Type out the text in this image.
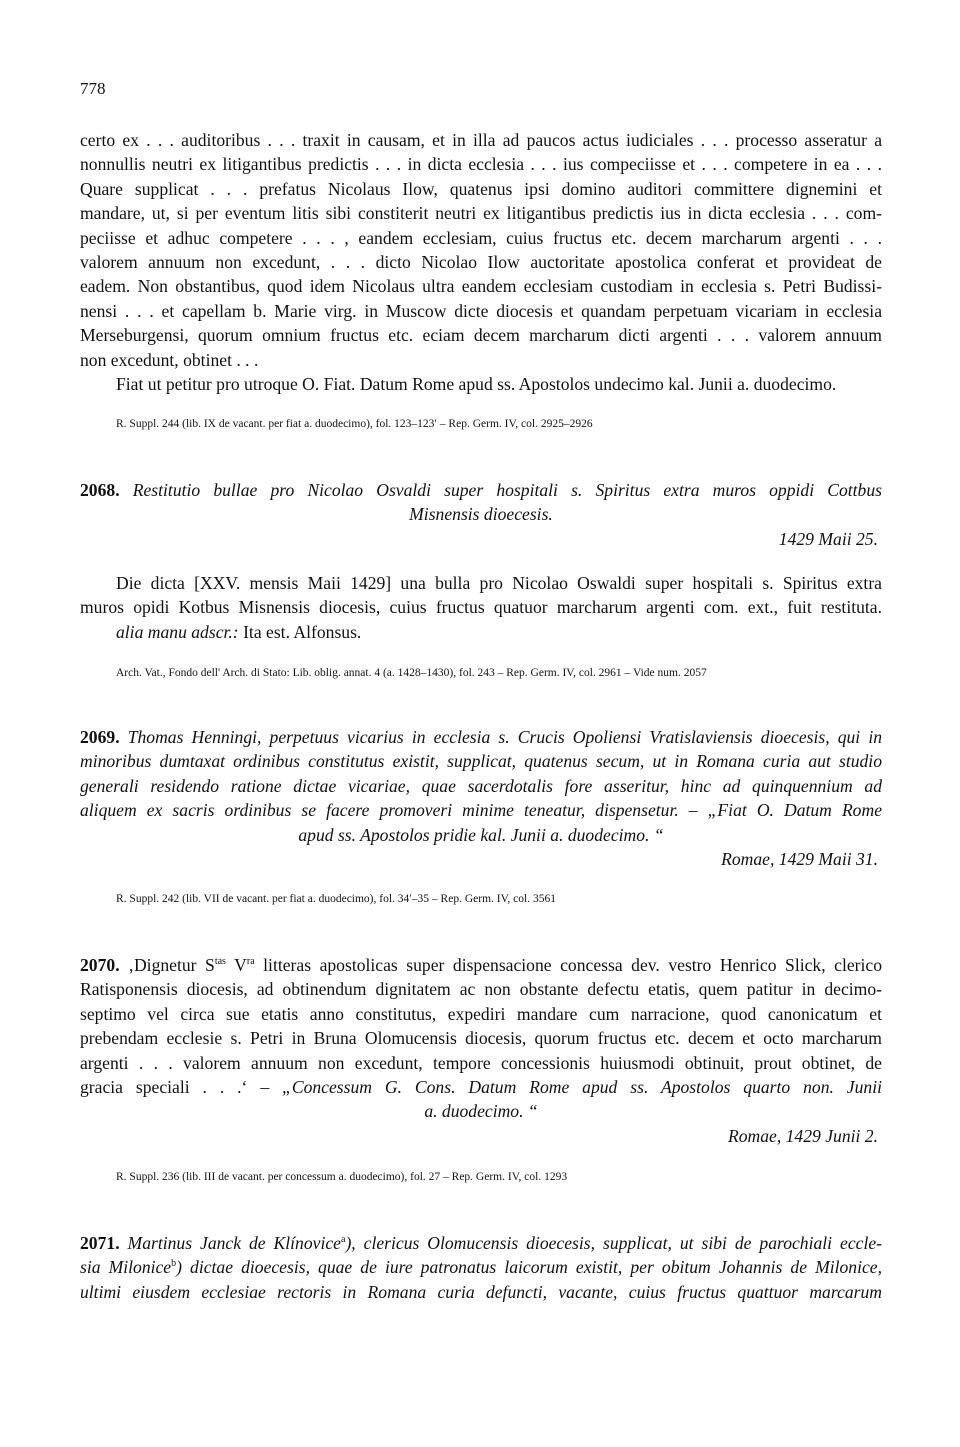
778
certo ex . . . auditoribus . . . traxit in causam, et in illa ad paucos actus iudiciales . . . processo asseratur a
nonnullis neutri ex litigantibus predictis . . . in dicta ecclesia . . . ius compeciisse et . . . competere in ea . . .
Quare supplicat . . . prefatus Nicolaus Ilow, quatenus ipsi domino auditori committere dignemini et
mandare, ut, si per eventum litis sibi constiterit neutri ex litigantibus predictis ius in dicta ecclesia . . . com-
peciisse et adhuc competere . . . , eandem ecclesiam, cuius fructus etc. decem marcharum argenti . . .
valorem annuum non excedunt, . . . dicto Nicolao Ilow auctoritate apostolica conferat et provideat de
eadem. Non obstantibus, quod idem Nicolaus ultra eandem ecclesiam custodiam in ecclesia s. Petri Budissi-
nensi . . . et capellam b. Marie virg. in Muscow dicte diocesis et quandam perpetuam vicariam in ecclesia
Merseburgensi, quorum omnium fructus etc. eciam decem marcharum dicti argenti . . . valorem annuum
non excedunt, obtinet . . .
Fiat ut petitur pro utroque O. Fiat. Datum Rome apud ss. Apostolos undecimo kal. Junii a. duodecimo.
R. Suppl. 244 (lib. IX de vacant. per fiat a. duodecimo), fol. 123–123′ – Rep. Germ. IV, col. 2925–2926
2068. Restitutio bullae pro Nicolao Osvaldi super hospitali s. Spiritus extra muros oppidi Cottbus
Misnensis dioecesis.
1429 Maii 25.
Die dicta [XXV. mensis Maii 1429] una bulla pro Nicolao Oswaldi super hospitali s. Spiritus extra
muros opidi Kotbus Misnensis diocesis, cuius fructus quatuor marcharum argenti com. ext., fuit restituta.
alia manu adscr.: Ita est. Alfonsus.
Arch. Vat., Fondo dell' Arch. di Stato: Lib. oblig. annat. 4 (a. 1428–1430), fol. 243 – Rep. Germ. IV, col. 2961 – Vide num. 2057
2069. Thomas Henningi, perpetuus vicarius in ecclesia s. Crucis Opoliensi Vratislaviensis dioecesis, qui in
minoribus dumtaxat ordinibus constitutus existit, supplicat, quatenus secum, ut in Romana curia aut studio
generali residendo ratione dictae vicariae, quae sacerdotalis fore asseritur, hinc ad quinquennium ad
aliquem ex sacris ordinibus se facere promoveri minime teneatur, dispensetur. – „Fiat O. Datum Rome
apud ss. Apostolos pridie kal. Junii a. duodecimo. “
Romae, 1429 Maii 31.
R. Suppl. 242 (lib. VII de vacant. per fiat a. duodecimo), fol. 34′–35 – Rep. Germ. IV, col. 3561
2070. ‚Dignetur $S^{tas}$ $V^{ra}$ litteras apostolicas super dispensacione concessa dev. vestro Henrico Slick, clerico
Ratisponensis diocesis, ad obtinendum dignitatem ac non obstante defectu etatis, quem patitur in decimo-
septimo vel circa sue etatis anno constitutus, expediri mandare cum narracione, quod canonicatum et
prebendam ecclesie s. Petri in Bruna Olomucensis diocesis, quorum fructus etc. decem et octo marcharum
argenti . . . valorem annuum non excedunt, tempore concessionis huiusmodi obtinuit, prout obtinet, de
gracia speciali . . .‘ – „Concessum G. Cons. Datum Rome apud ss. Apostolos quarto non. Junii
a. duodecimo. “
Romae, 1429 Junii 2.
R. Suppl. 236 (lib. III de vacant. per concessum a. duodecimo), fol. 27 – Rep. Germ. IV, col. 1293
2071. Martinus Janck de Klínovice$^a$), clericus Olomucensis dioecesis, supplicat, ut sibi de parochiali eccle-
sia Milonice$^b$) dictae dioecesis, quae de iure patronatus laicorum existit, per obitum Johannis de Milonice,
ultimi eiusdem ecclesiae rectoris in Romana curia defuncti, vacante, cuius fructus quattuor marcarum
